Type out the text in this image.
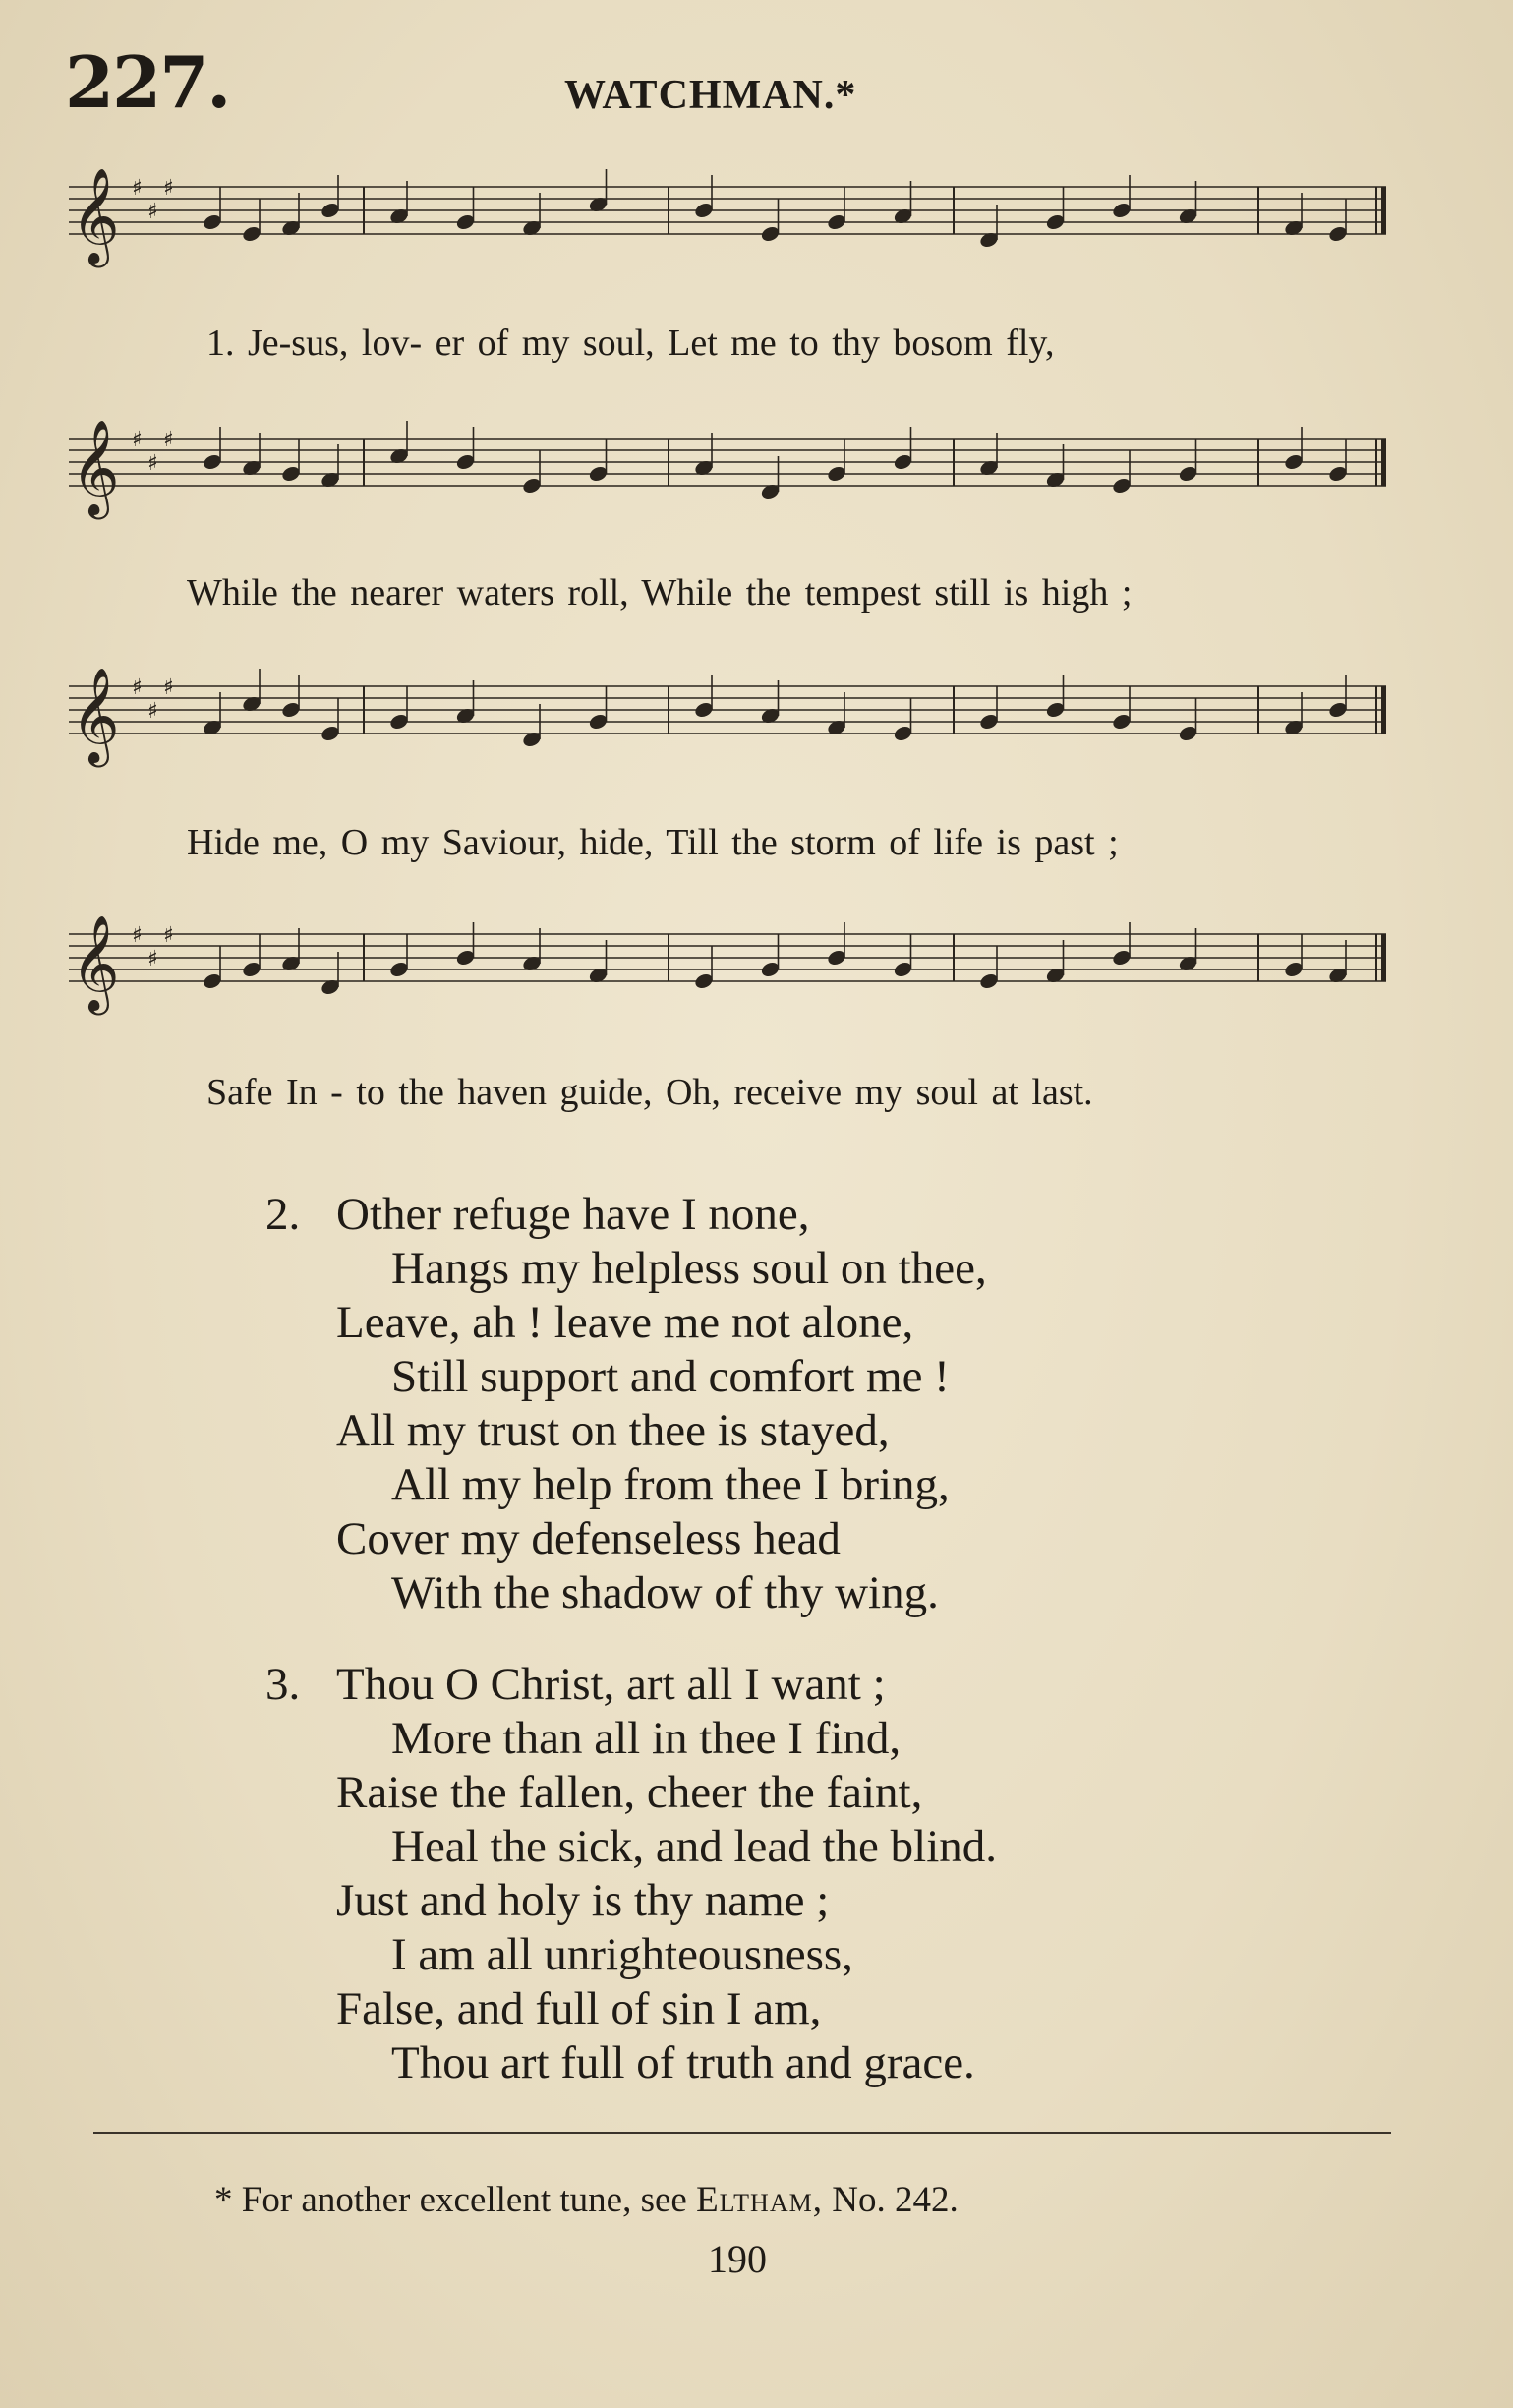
227.	WATCHMAN.*
𝄞 ♯
♯
♯
1. Je-sus, lov- er of my soul, Let me to thy bosom fly,
𝄞 ♯
♯
♯
While the nearer waters roll, While the tempest still is high ;
𝄞 ♯
♯
♯
Hide me, O my Saviour, hide, Till the storm of life is past ;
𝄞 ♯
♯
♯
Safe In - to the haven guide, Oh, receive my soul at last.
2. Other refuge have I none,
Hangs my helpless soul on thee,
Leave, ah ! leave me not alone,
Still support and comfort me !
All my trust on thee is stayed,
All my help from thee I bring,
Cover my defenseless head
With the shadow of thy wing.
3. Thou O Christ, art all I want ;
More than all in thee I find,
Raise the fallen, cheer the faint,
Heal the sick, and lead the blind.
Just and holy is thy name ;
I am all unrighteousness,
False, and full of sin I am,
Thou art full of truth and grace.
* For another excellent tune, see Eltham, No. 242.
190
